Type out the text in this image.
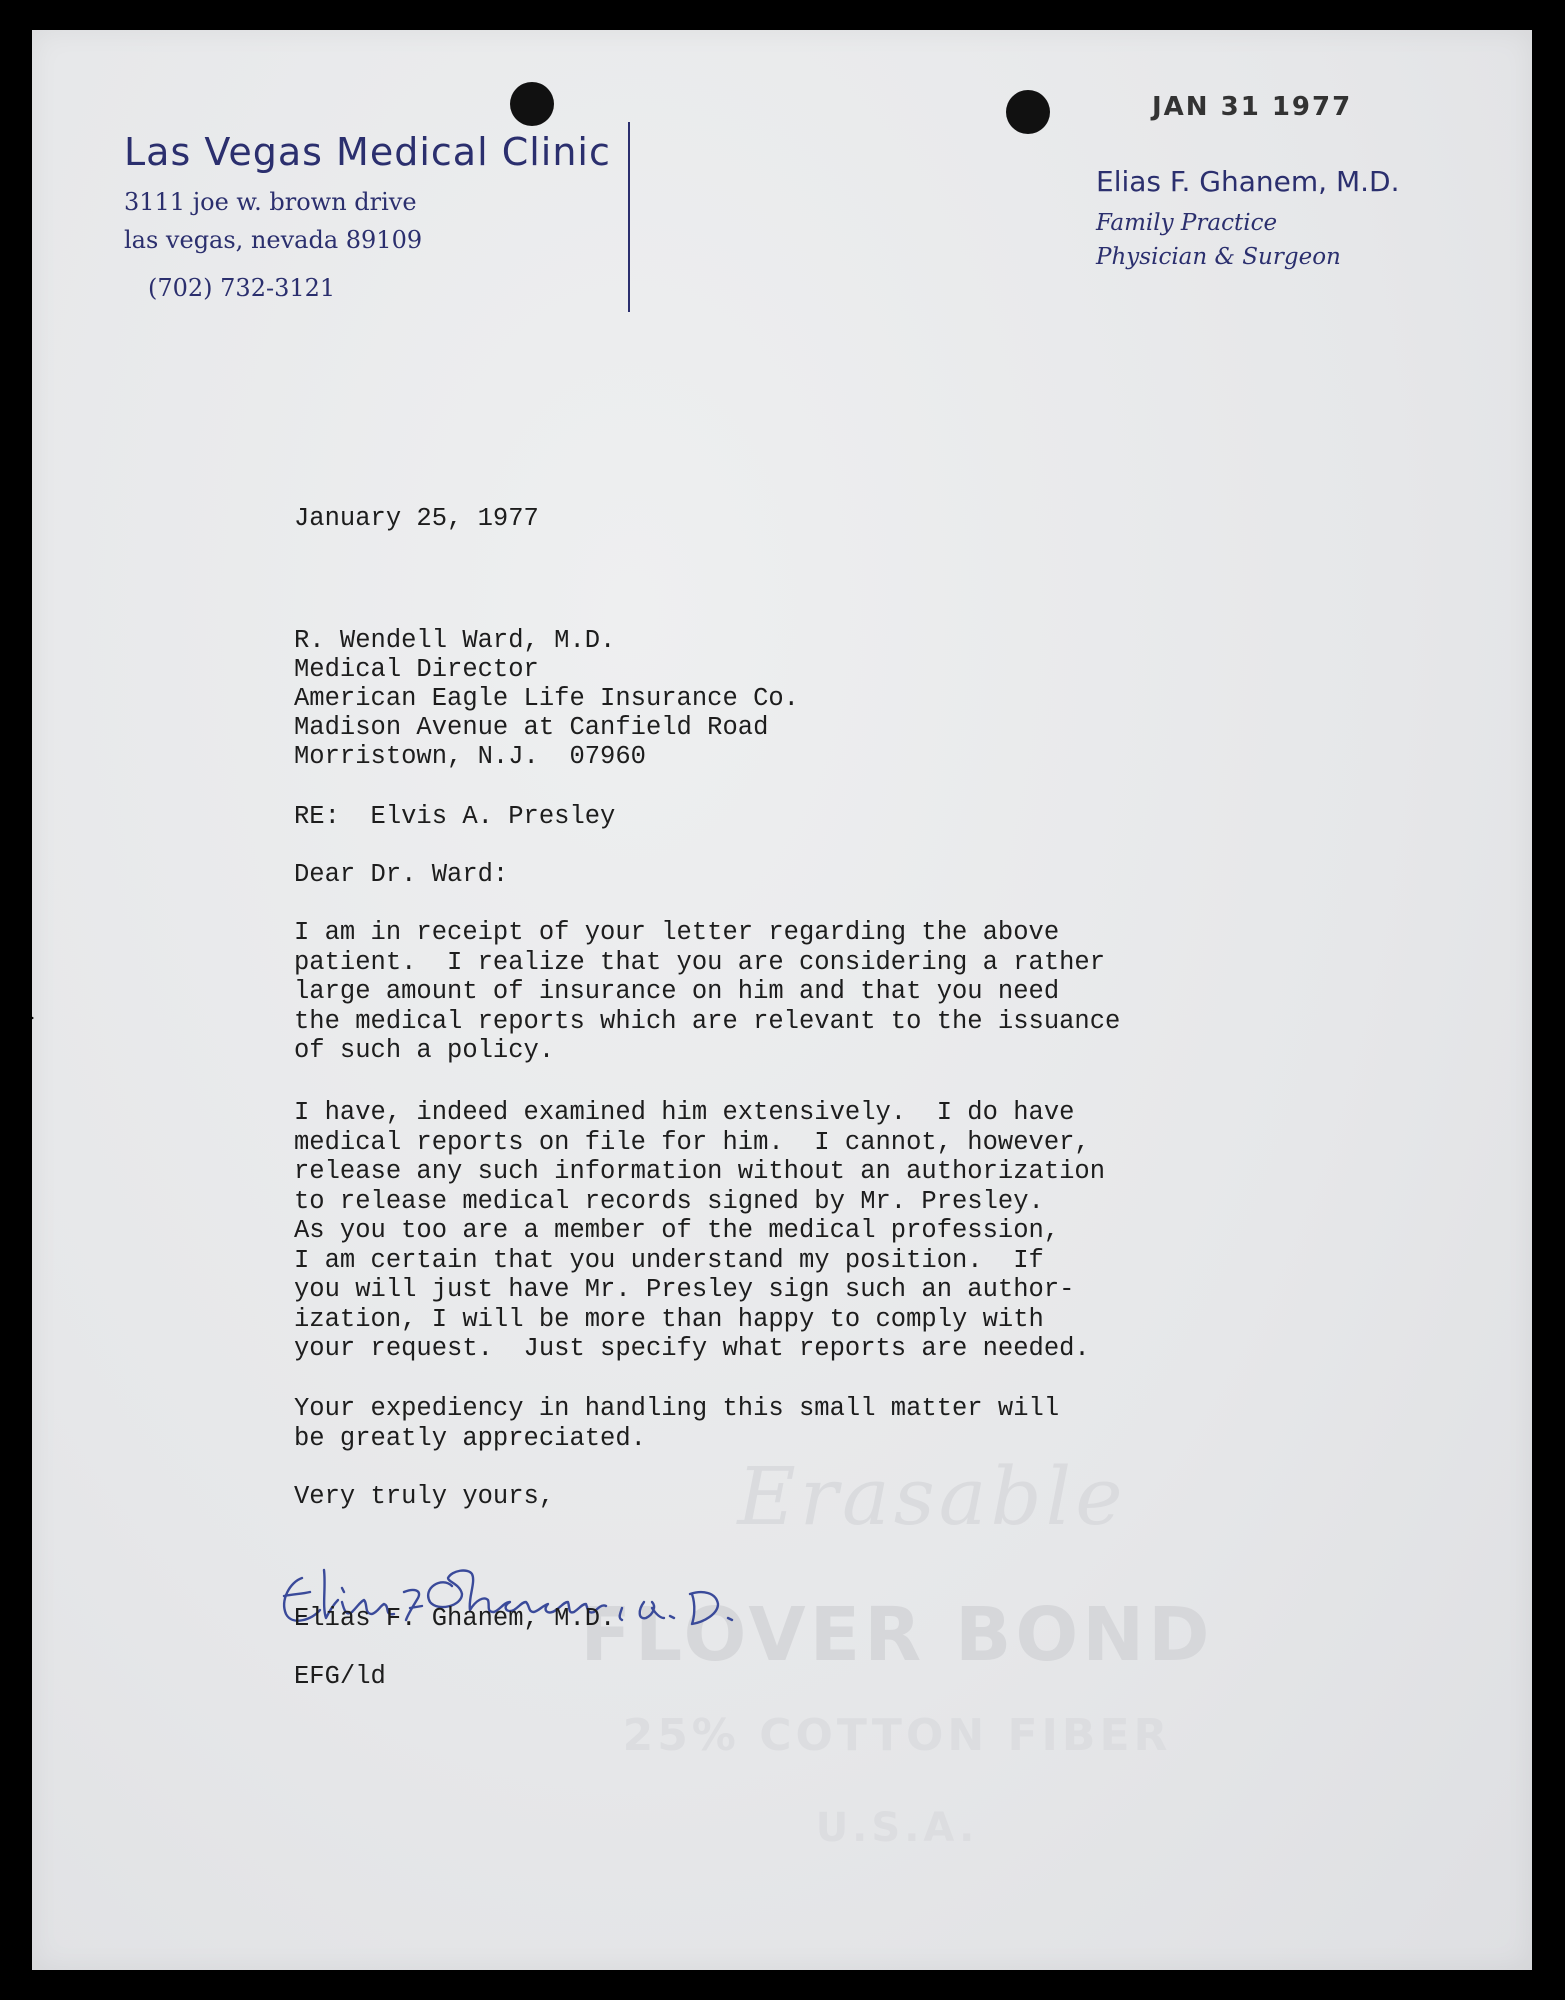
Erasable
FLOVER BOND
25% COTTON FIBER
U.S.A.
Las Vegas Medical Clinic
3111 joe w. brown drive
las vegas, nevada 89109
(702) 732-3121
JAN 31 1977
Elias F. Ghanem, M.D.
Family Practice
Physician & Surgeon
January 25, 1977
R. Wendell Ward, M.D.
Medical Director
American Eagle Life Insurance Co.
Madison Avenue at Canfield Road
Morristown, N.J.  07960
RE:  Elvis A. Presley
Dear Dr. Ward:
I am in receipt of your letter regarding the above
patient.  I realize that you are considering a rather
large amount of insurance on him and that you need
the medical reports which are relevant to the issuance
of such a policy.
I have, indeed examined him extensively.  I do have
medical reports on file for him.  I cannot, however,
release any such information without an authorization
to release medical records signed by Mr. Presley.
As you too are a member of the medical profession,
I am certain that you understand my position.  If
you will just have Mr. Presley sign such an author-
ization, I will be more than happy to comply with
your request.  Just specify what reports are needed.
Your expediency in handling this small matter will
be greatly appreciated.
Very truly yours,
Elias F. Ghanem, M.D.
EFG/ld
